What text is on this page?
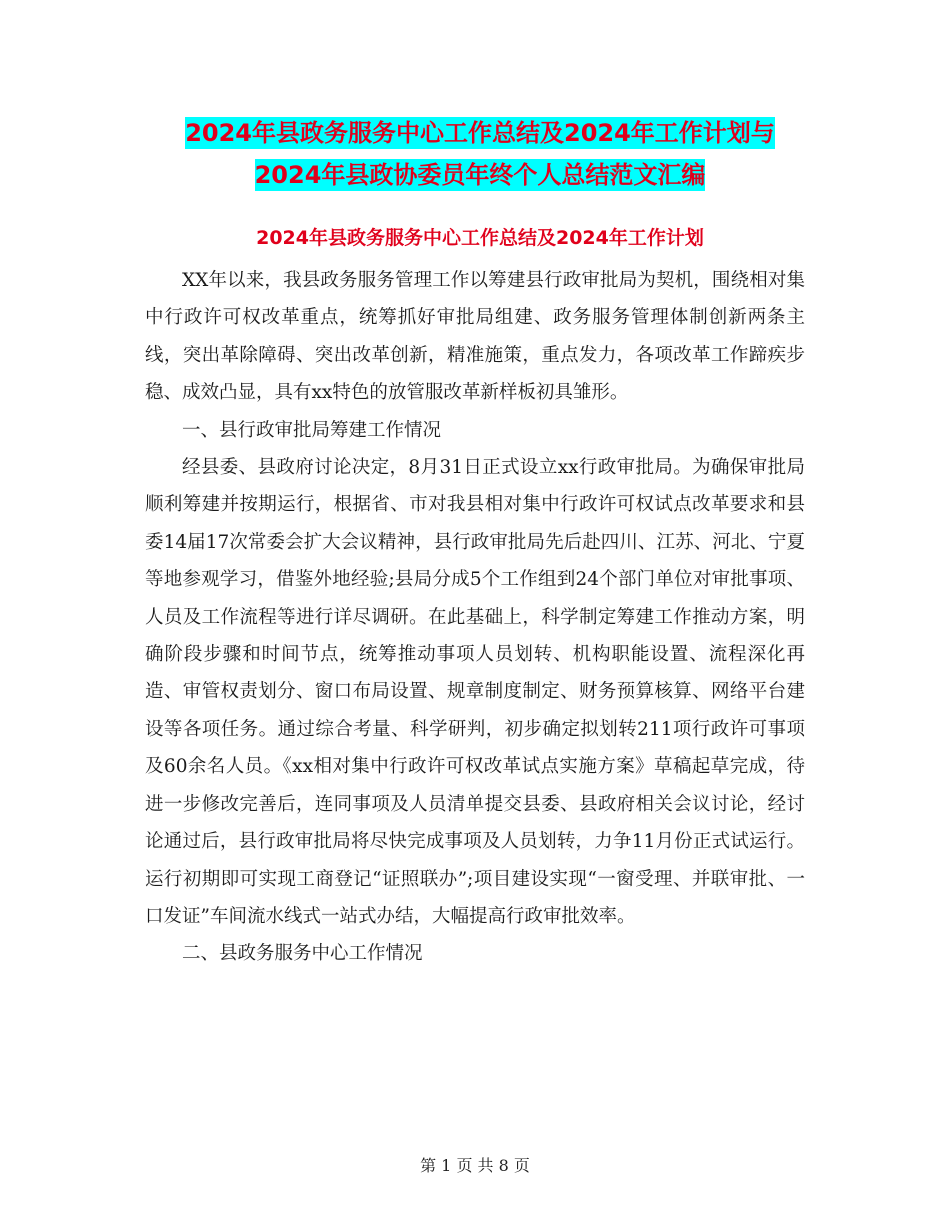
2024年县政务服务中心工作总结及2024年工作计划与
2024年县政协委员年终个人总结范文汇编
2024年县政务服务中心工作总结及2024年工作计划

XX年以来，我县政务服务管理工作以筹建县行政审批局为契机，围绕相对集中行政许可权改革重点，统筹抓好审批局组建、政务服务管理体制创新两条主线，突出革除障碍、突出改革创新，精准施策，重点发力，各项改革工作蹄疾步稳、成效凸显，具有xx特色的放管服改革新样板初具雏形。

一、县行政审批局筹建工作情况

经县委、县政府讨论决定，8月31日正式设立xx行政审批局。为确保审批局顺利筹建并按期运行，根据省、市对我县相对集中行政许可权试点改革要求和县委14届17次常委会扩大会议精神，县行政审批局先后赴四川、江苏、河北、宁夏等地参观学习，借鉴外地经验;县局分成5个工作组到24个部门单位对审批事项、人员及工作流程等进行详尽调研。在此基础上，科学制定筹建工作推动方案，明确阶段步骤和时间节点，统筹推动事项人员划转、机构职能设置、流程深化再造、审管权责划分、窗口布局设置、规章制度制定、财务预算核算、网络平台建设等各项任务。通过综合考量、科学研判，初步确定拟划转211项行政许可事项及60余名人员。《xx相对集中行政许可权改革试点实施方案》草稿起草完成，待进一步修改完善后，连同事项及人员清单提交县委、县政府相关会议讨论，经讨论通过后，县行政审批局将尽快完成事项及人员划转，力争11月份正式试运行。运行初期即可实现工商登记“证照联办”;项目建设实现“一窗受理、并联审批、一口发证”车间流水线式一站式办结，大幅提高行政审批效率。

二、县政务服务中心工作情况

第 1 页 共 8 页
